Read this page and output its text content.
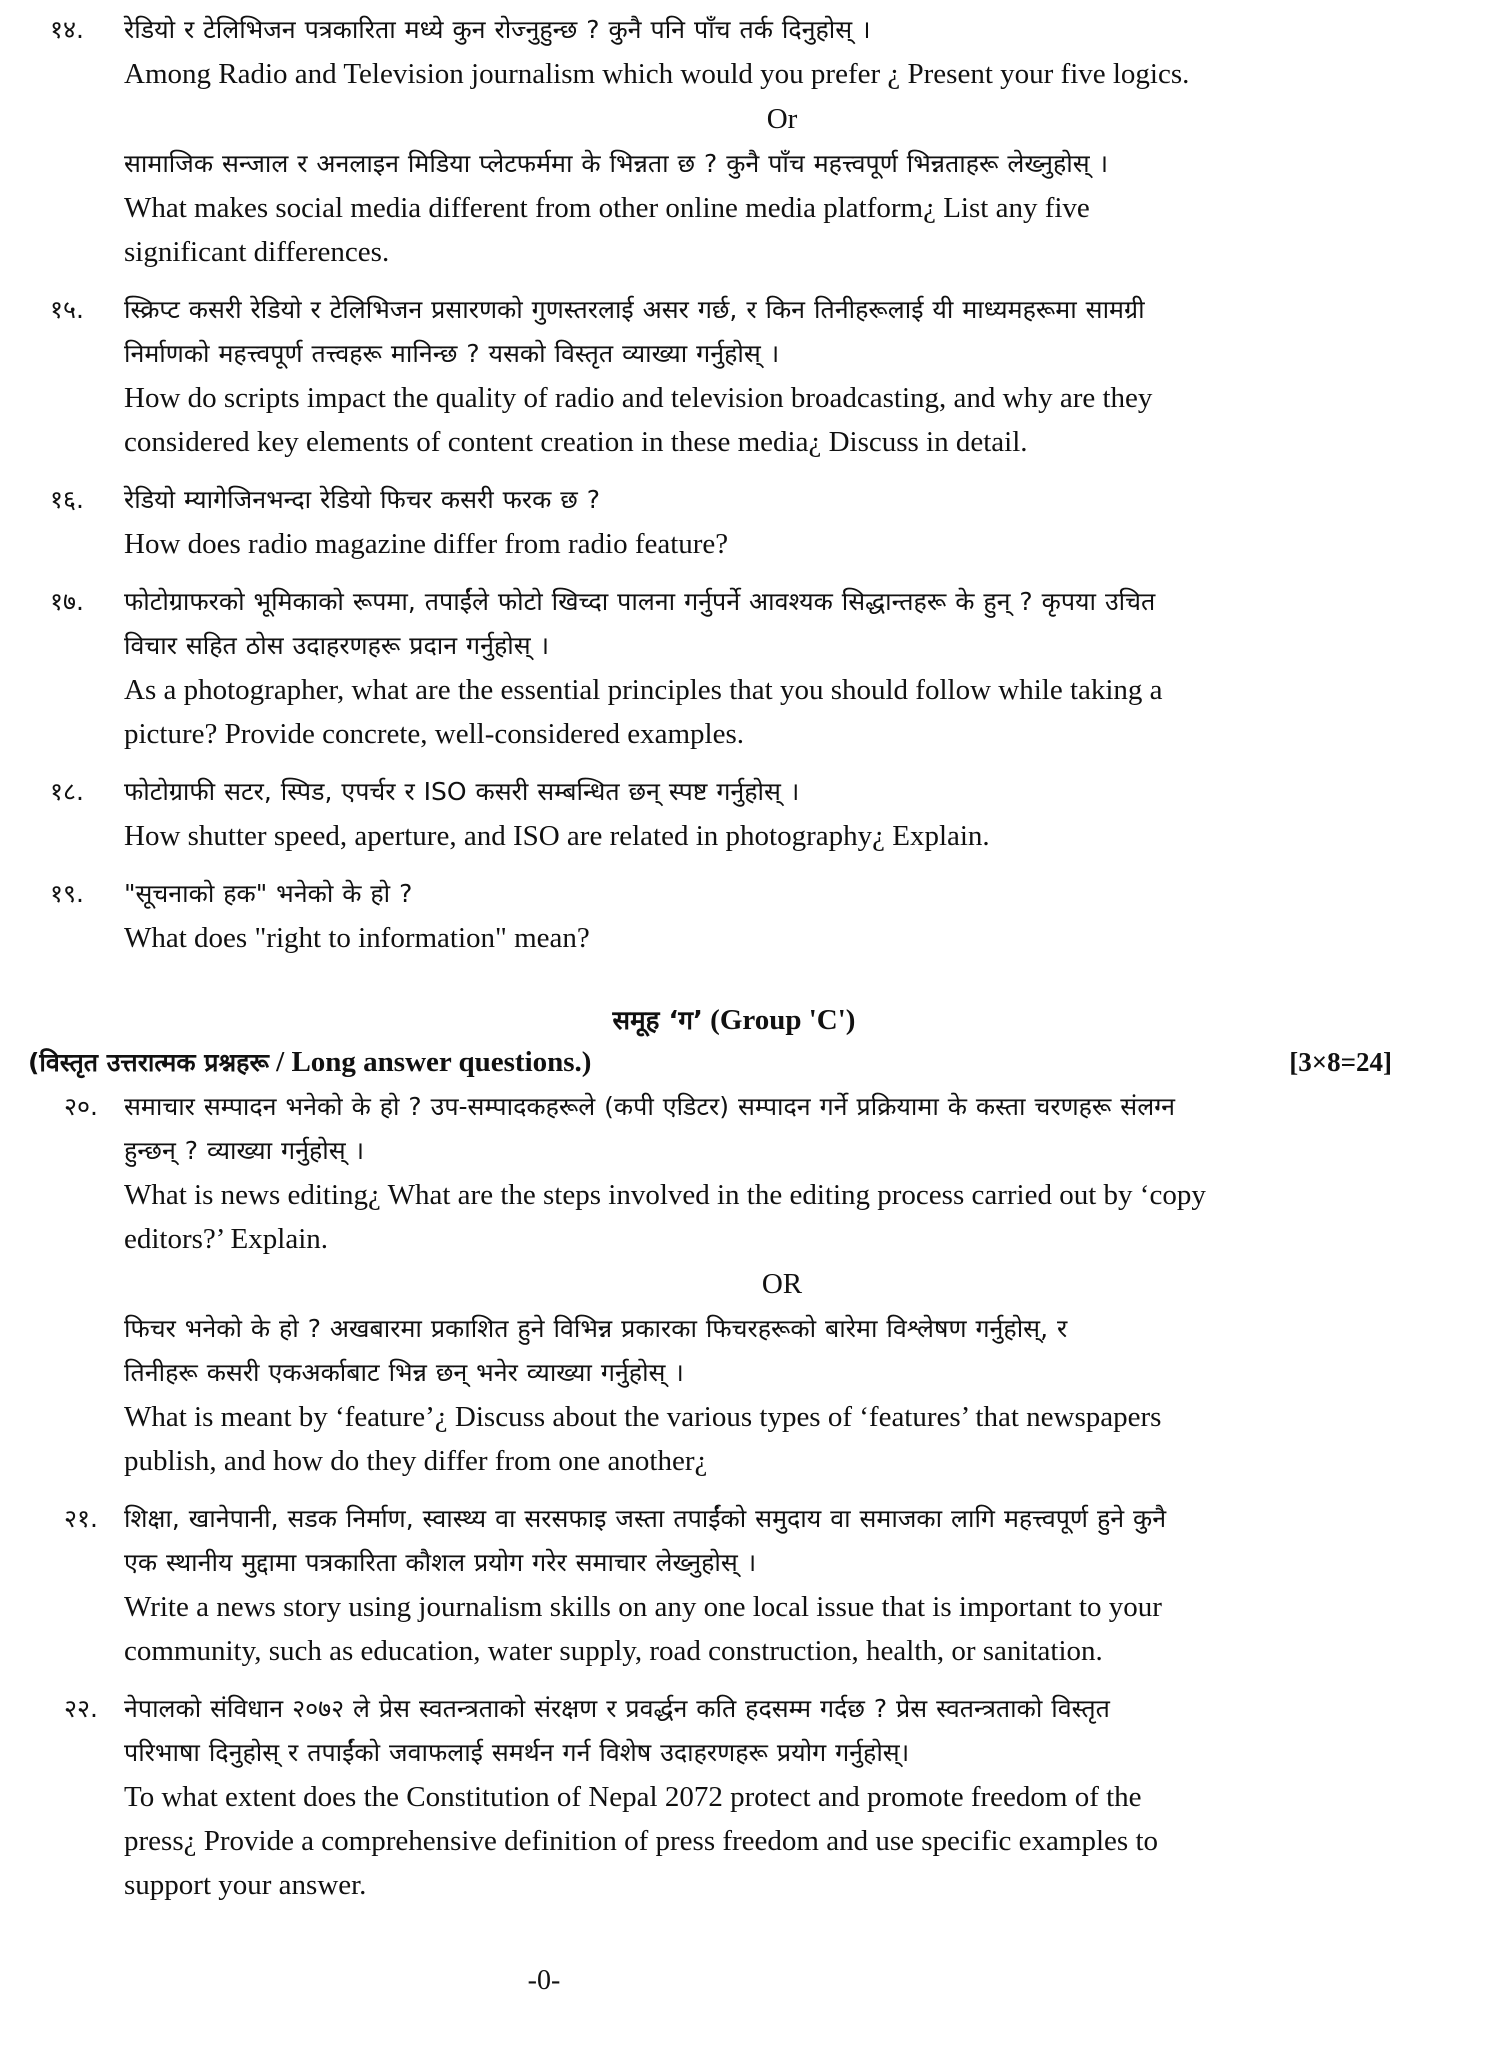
१४.	रेडियो र टेलिभिजन पत्रकारिता मध्ये कुन रोज्नुहुन्छ ? कुनै पनि पाँच तर्क दिनुहोस् ।
Among Radio and Television journalism which would you prefer ¿ Present your five logics.
Or
सामाजिक सन्जाल र अनलाइन मिडिया प्लेटफर्ममा के भिन्नता छ ? कुनै पाँच महत्त्वपूर्ण भिन्नताहरू लेख्नुहोस् ।
What makes social media different from other online media platform¿ List any five
significant differences.
१५.	स्क्रिप्ट कसरी रेडियो र टेलिभिजन प्रसारणको गुणस्तरलाई असर गर्छ, र किन तिनीहरूलाई यी माध्यमहरूमा सामग्री
निर्माणको महत्त्वपूर्ण तत्त्वहरू मानिन्छ ? यसको विस्तृत व्याख्या गर्नुहोस् ।
How do scripts impact the quality of radio and television broadcasting, and why are they
considered key elements of content creation in these media¿ Discuss in detail.
१६.	रेडियो म्यागेजिनभन्दा रेडियो फिचर कसरी फरक छ ?
How does radio magazine differ from radio feature?
१७.	फोटोग्राफरको भूमिकाको रूपमा, तपाईंले फोटो खिच्दा पालना गर्नुपर्ने आवश्यक सिद्धान्तहरू के हुन् ? कृपया उचित
विचार सहित ठोस उदाहरणहरू प्रदान गर्नुहोस् ।
As a photographer, what are the essential principles that you should follow while taking a
picture? Provide concrete, well-considered examples.
१८.	फोटोग्राफी सटर, स्पिड, एपर्चर र ISO कसरी सम्बन्धित छन् स्पष्ट गर्नुहोस् ।
How shutter speed, aperture, and ISO are related in photography¿ Explain.
१९.	"सूचनाको हक" भनेको के हो ?
What does "right to information" mean?
समूह ‘ग’ (Group 'C')
(विस्तृत उत्तरात्मक प्रश्नहरू / Long answer questions.)	[3×8=24]
२०.	समाचार सम्पादन भनेको के हो ? उप-सम्पादकहरूले (कपी एडिटर) सम्पादन गर्ने प्रक्रियामा के कस्ता चरणहरू संलग्न
हुन्छन् ? व्याख्या गर्नुहोस् ।
What is news editing¿ What are the steps involved in the editing process carried out by ‘copy
editors?’ Explain.
OR
फिचर भनेको के हो ? अखबारमा प्रकाशित हुने विभिन्न प्रकारका फिचरहरूको बारेमा विश्लेषण गर्नुहोस्, र
तिनीहरू कसरी एकअर्काबाट भिन्न छन् भनेर व्याख्या गर्नुहोस् ।
What is meant by ‘feature’¿ Discuss about the various types of ‘features’ that newspapers
publish, and how do they differ from one another¿
२१.	शिक्षा, खानेपानी, सडक निर्माण, स्वास्थ्य वा सरसफाइ जस्ता तपाईंको समुदाय वा समाजका लागि महत्त्वपूर्ण हुने कुनै
एक स्थानीय मुद्दामा पत्रकारिता कौशल प्रयोग गरेर समाचार लेख्नुहोस् ।
Write a news story using journalism skills on any one local issue that is important to your
community, such as education, water supply, road construction, health, or sanitation.
२२.	नेपालको संविधान २०७२ ले प्रेस स्वतन्त्रताको संरक्षण र प्रवर्द्धन कति हदसम्म गर्दछ ? प्रेस स्वतन्त्रताको विस्तृत
परिभाषा दिनुहोस् र तपाईंको जवाफलाई समर्थन गर्न विशेष उदाहरणहरू प्रयोग गर्नुहोस्।
To what extent does the Constitution of Nepal 2072 protect and promote freedom of the
press¿ Provide a comprehensive definition of press freedom and use specific examples to
support your answer.
-0-
